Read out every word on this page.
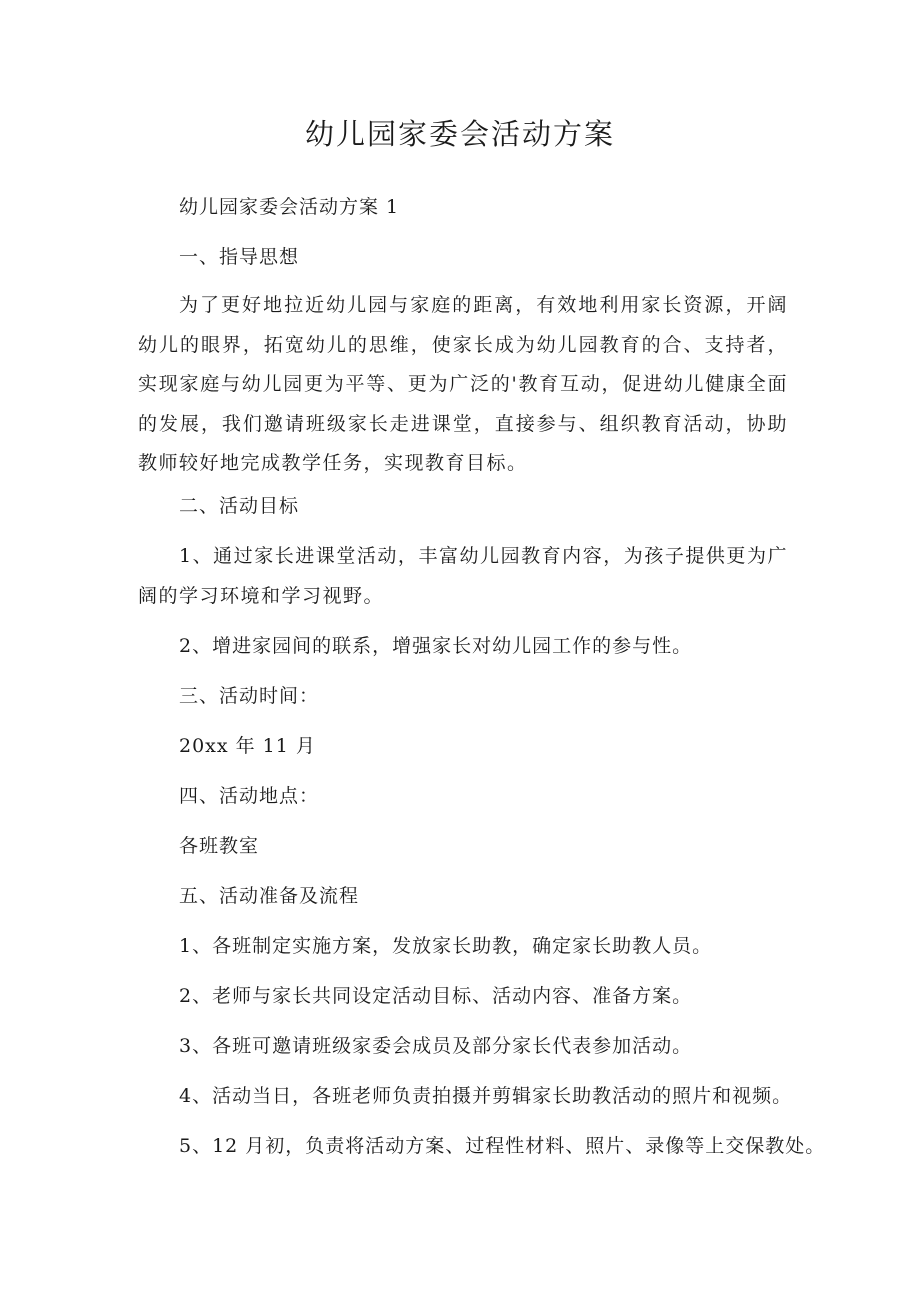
幼儿园家委会活动方案

幼儿园家委会活动方案 1

一、指导思想

为了更好地拉近幼儿园与家庭的距离，有效地利用家长资源，开阔幼儿的眼界，拓宽幼儿的思维，使家长成为幼儿园教育的合、支持者，实现家庭与幼儿园更为平等、更为广泛的'教育互动，促进幼儿健康全面的发展，我们邀请班级家长走进课堂，直接参与、组织教育活动，协助教师较好地完成教学任务，实现教育目标。

二、活动目标

1、通过家长进课堂活动，丰富幼儿园教育内容，为孩子提供更为广阔的学习环境和学习视野。

2、增进家园间的联系，增强家长对幼儿园工作的参与性。

三、活动时间：

20xx 年 11 月

四、活动地点：

各班教室

五、活动准备及流程

1、各班制定实施方案，发放家长助教，确定家长助教人员。

2、老师与家长共同设定活动目标、活动内容、准备方案。

3、各班可邀请班级家委会成员及部分家长代表参加活动。

4、活动当日，各班老师负责拍摄并剪辑家长助教活动的照片和视频。

5、12 月初，负责将活动方案、过程性材料、照片、录像等上交保教处。
